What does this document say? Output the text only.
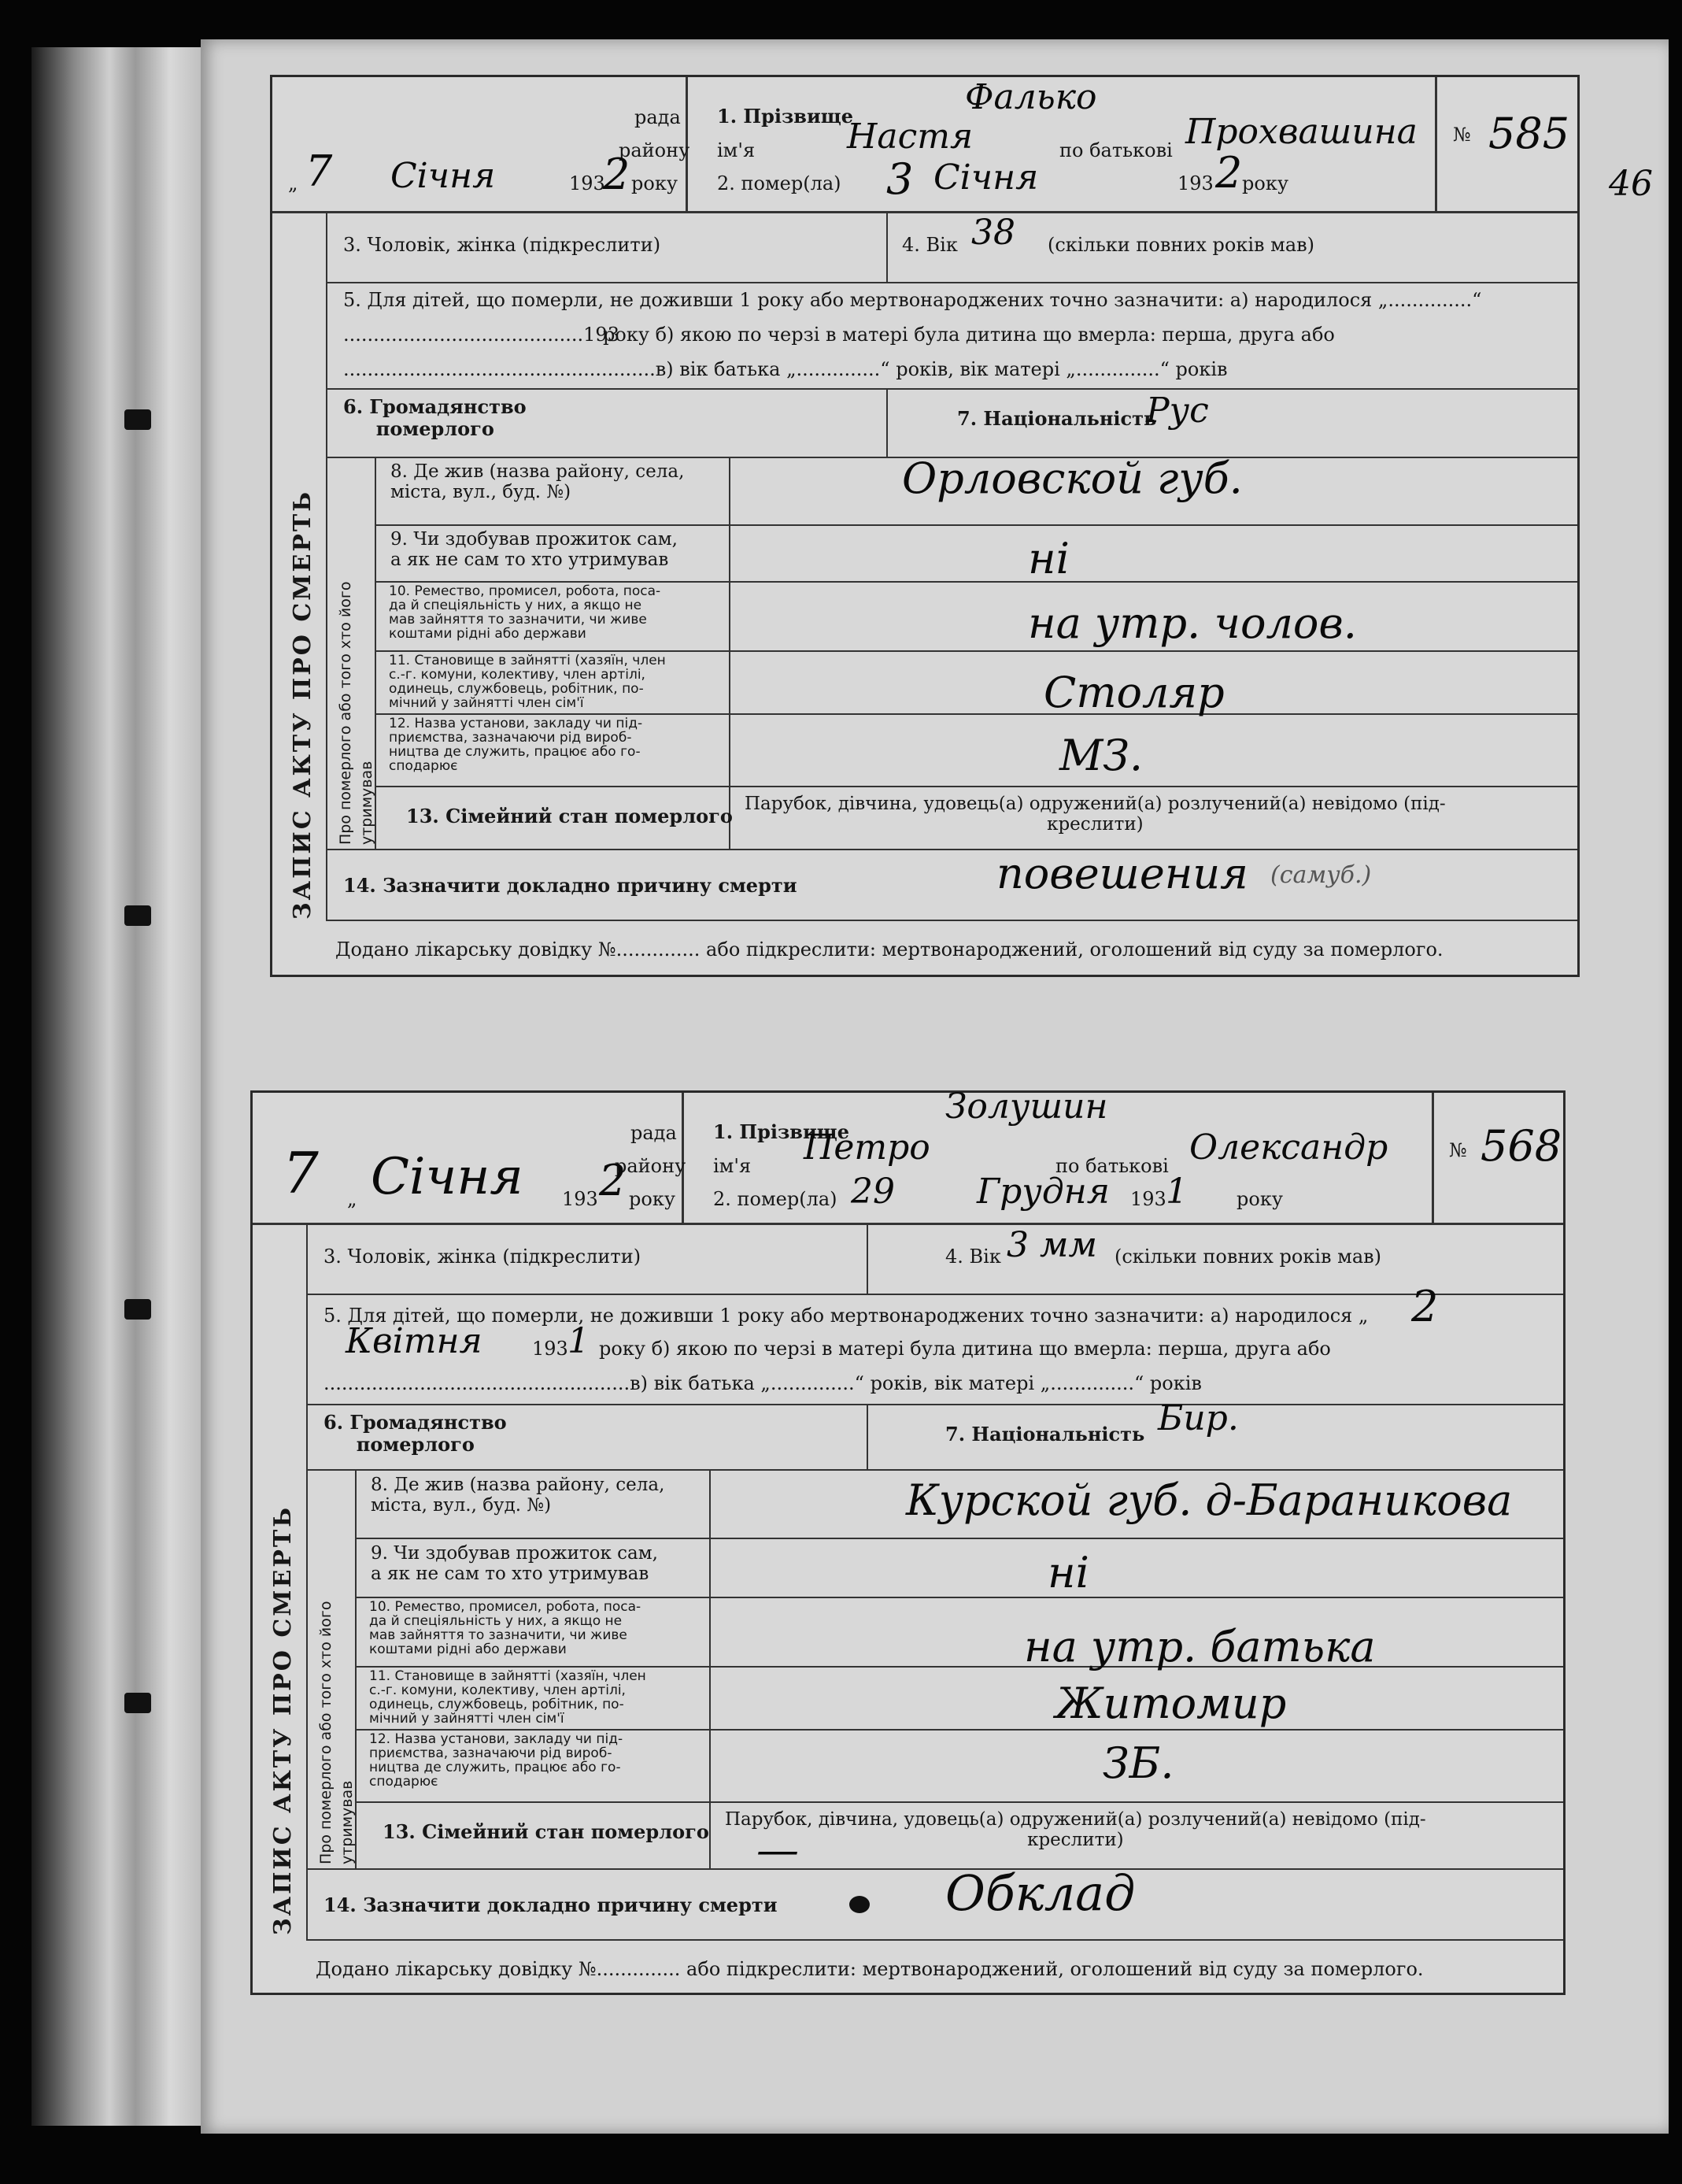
ЗАПИС АКТУ ПРО СМЕРТЬ Про померлого або того хто його
утримував
рада
району
„ 7 Січня	193
2 року
1. Прізвище	Фалько
ім'я	Настя	по батькові Прохвашина
2. помер(ла) 3 Січня	193 2 року
№ 585
46
3. Чоловік, жінка (підкреслити)	4. Вік 38 (скільки повних років мав)
5. Для дітей, що померли, не доживши 1 року або мертвонароджених точно зазначити: а) народилося „..............“
........................................193
року б) якою по черзі в матері була дитина що вмерла: перша, друга або
....................................................в) вік батька „..............“ років, вік матері „..............“ років
6. Громадянство
померлого	7. Національність
Рус
8. Де жив (назва району, села,
міста, вул., буд. №)	Орловской губ.
9. Чи здобував прожиток сам,
а як не сам то хто утримував	ні
10. Ремество, промисел, робота, поса-
да й спеціяльність у них, а якщо не
мав зайняття то зазначити, чи живе
коштами рідні або держави	на утр. чолов.
11. Становище в зайнятті (хазяїн, член
с.-г. комуни, колективу, член артілі,
одинець, службовець, робітник, по-
мічний у зайнятті член сім'ї	Столяр
12. Назва установи, закладу чи під-
приємства, зазначаючи рід вироб-
ництва де служить, працює або го-
сподарює	МЗ.
13. Сімейний стан померлого
Парубок, дівчина, удовець(а) одружений(а) розлучений(а) невідомо (під-
креслити)
14. Зазначити докладно причину смерти	повешения (самуб.)
Додано лікарську довідку №.............. або підкреслити: мертвонароджений, оголошений від суду за померлого.
ЗАПИС АКТУ ПРО СМЕРТЬ Про померлого або того хто його
утримував
рада
району
7 „ Січня 193 2 року
1. Прізвище
Золушин
ім'я Петро	по батькові Олександр
2. помер(ла) 29 Грудня 193 1	року
№ 568
3. Чоловік, жінка (підкреслити)	4. Вік 3 мм (скільки повних років мав)
5. Для дітей, що померли, не доживши 1 року або мертвонароджених точно зазначити: а) народилося „ 2
Квітня	193 1 року б) якою по черзі в матері була дитина що вмерла: перша, друга або
...................................................в) вік батька „..............“ років, вік матері „..............“ років
6. Громадянство
померлого	7. Національність Бир.
8. Де жив (назва району, села,
міста, вул., буд. №)	Курской губ. д-Бараникова
9. Чи здобував прожиток сам,
а як не сам то хто утримував	ні
10. Ремество, промисел, робота, поса-
да й спеціяльність у них, а якщо не
мав зайняття то зазначити, чи живе
коштами рідні або держави	на утр. батька
11. Становище в зайнятті (хазяїн, член
с.-г. комуни, колективу, член артілі,
одинець, службовець, робітник, по-
мічний у зайнятті член сім'ї	Житомир
12. Назва установи, закладу чи під-
приємства, зазначаючи рід вироб-
ництва де служить, працює або го-
сподарює	ЗБ.
13. Сімейний стан померлого
Парубок, дівчина, удовець(а) одружений(а) розлучений(а) невідомо (під-
креслити)
—
14. Зазначити докладно причину смерти	Обклад
Додано лікарську довідку №.............. або підкреслити: мертвонароджений, оголошений від суду за померлого.
